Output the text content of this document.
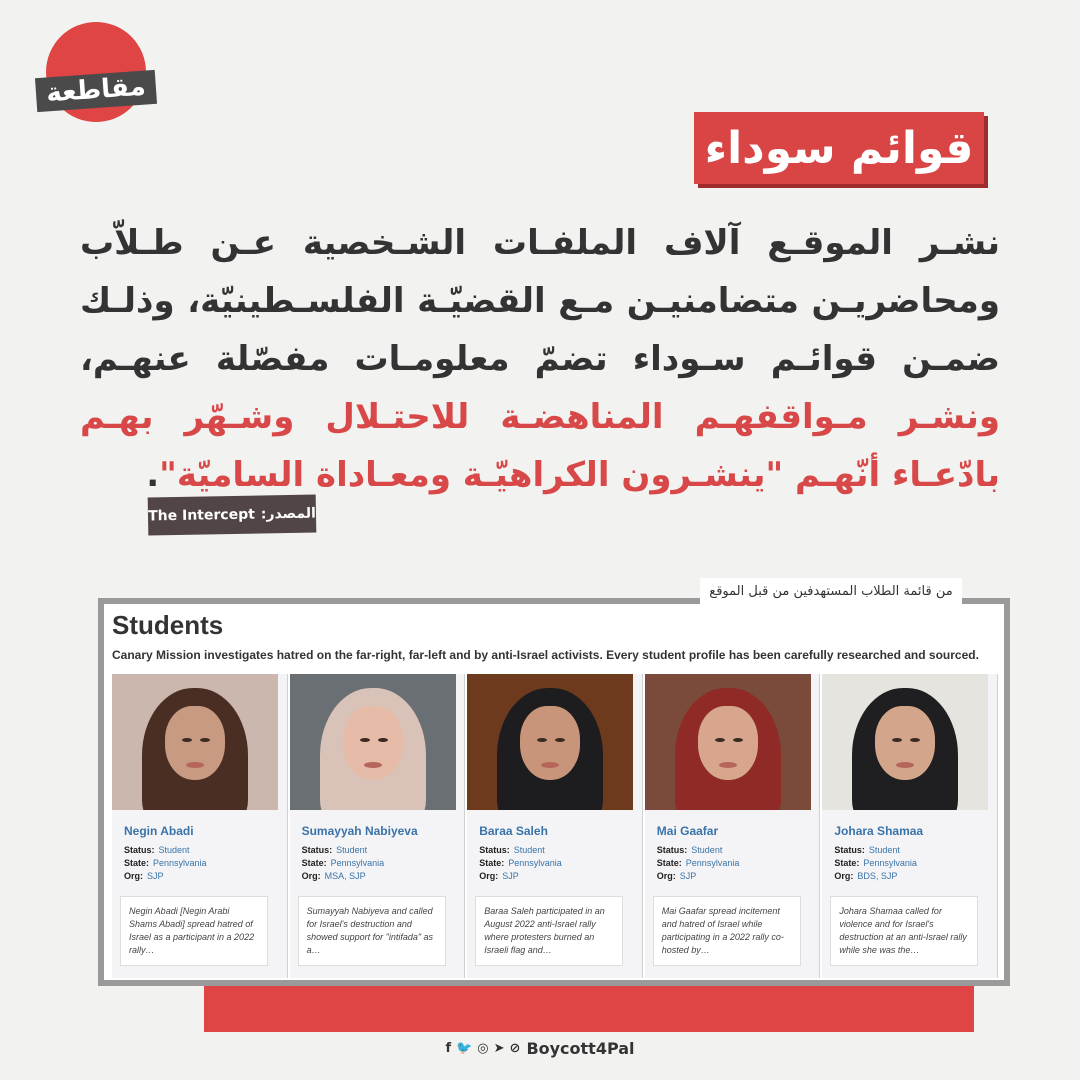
مقاطعة
قوائم سوداء
نشـر الموقـع آلاف الملفـات الشـخصية عـن طـلاّب ومحاضريـن متضامنيـن مـع القضيّـة الفلسـطينيّة، وذلـك ضمـن قوائـم سـوداء تضمّ معلومـات مفصّلة عنهـم، ونشـر مـواقفهـم المناهضـة للاحتـلال وشـهّر بهـم بادّعـاء أنّهـم "ينشـرون الكراهيّـة ومعـاداة الساميّة".
The Intercept المصدر:
Students
Canary Mission investigates hatred on the far-right, far-left and by anti-Israel activists. Every student profile has been carefully researched and sourced.
Negin Abadi
Status: Student
State: Pennsylvania
Org: SJP
Negin Abadi [Negin Arabi Shams Abadi] spread hatred of Israel as a participant in a 2022 rally…
Sumayyah Nabiyeva
Status: Student
State: Pennsylvania
Org: MSA, SJP
Sumayyah Nabiyeva and called for Israel's destruction and showed support for "intifada" as a…
Baraa Saleh
Status: Student
State: Pennsylvania
Org: SJP
Baraa Saleh participated in an August 2022 anti-Israel rally where protesters burned an Israeli flag and…
Mai Gaafar
Status: Student
State: Pennsylvania
Org: SJP
Mai Gaafar spread incitement and hatred of Israel while participating in a 2022 rally co-hosted by…
Johara Shamaa
Status: Student
State: Pennsylvania
Org: BDS, SJP
Johara Shamaa called for violence and for Israel's destruction at an anti-Israel rally while she was the…
من قائمة الطلاب المستهدفين من قبل الموقع
f 🐦 ◎ ➤ ⊘ Boycott4Pal
